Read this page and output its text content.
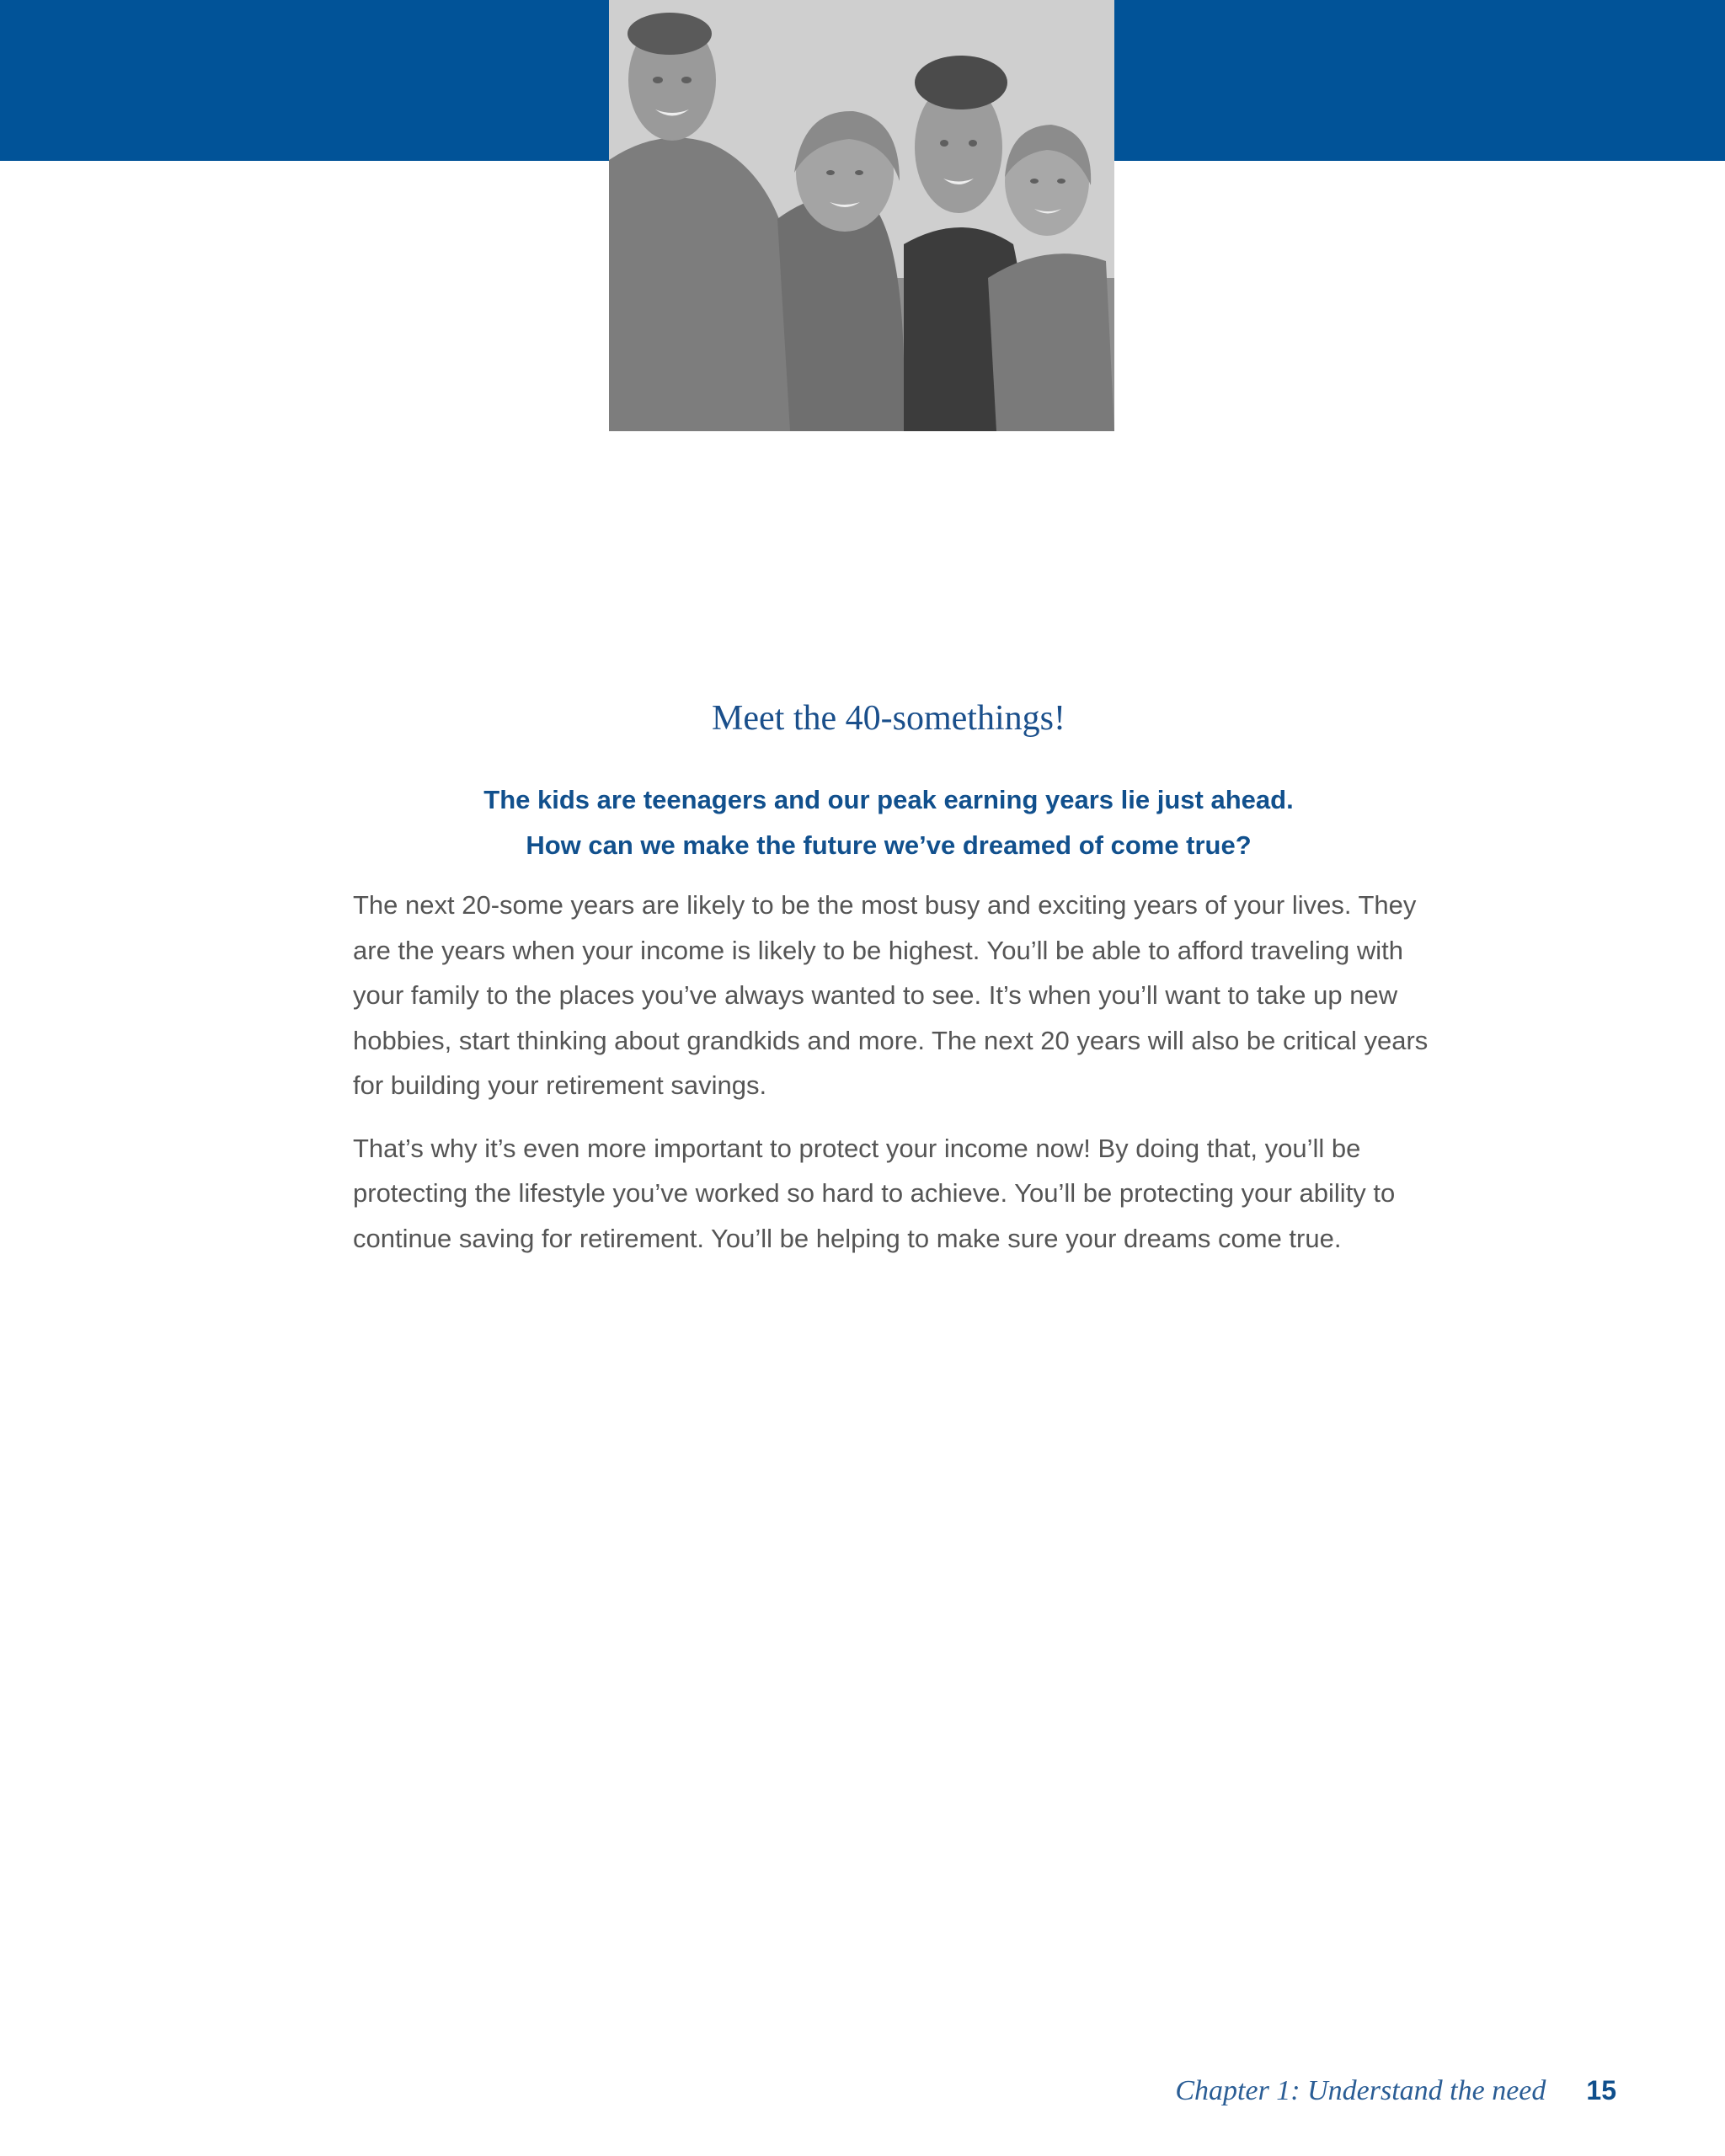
Meet the 40-somethings!
The kids are teenagers and our peak earning years lie just ahead.
How can we make the future we’ve dreamed of come true?

The next 20-some years are likely to be the most busy and exciting years of your lives. They are the years when your income is likely to be highest. You’ll be able to afford traveling with your family to the places you’ve always wanted to see. It’s when you’ll want to take up new hobbies, start thinking about grandkids and more. The next 20 years will also be critical years for building your retirement savings.

That’s why it’s even more important to protect your income now! By doing that, you’ll be protecting the lifestyle you’ve worked so hard to achieve. You’ll be protecting your ability to continue saving for retirement. You’ll be helping to make sure your dreams come true.

Chapter 1: Understand the need 15
